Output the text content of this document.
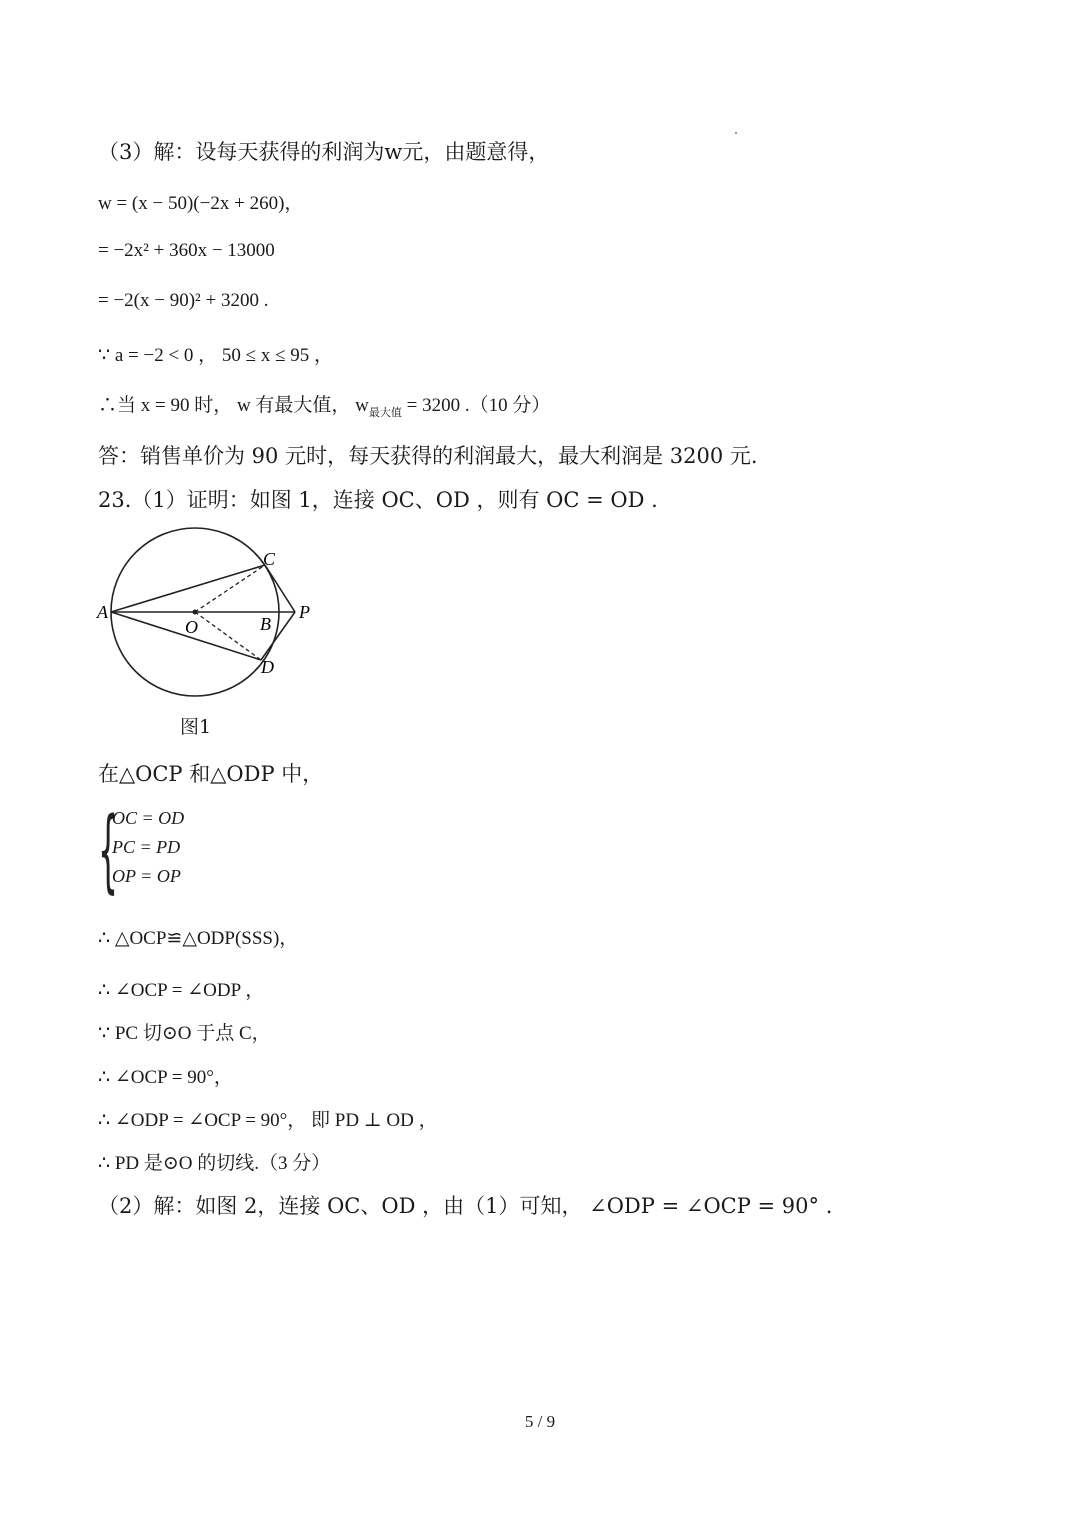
（3）解：设每天获得的利润为w元，由题意得，
w = (x − 50)(−2x + 260)，
= −2x² + 360x − 13000
= −2(x − 90)² + 3200 .
∵ a = −2 < 0 ， 50 ≤ x ≤ 95 ，
∴当 x = 90 时， w 有最大值， $w_{最大值} = 3200$ .（10 分）
答：销售单价为 90 元时，每天获得的利润最大，最大利润是 3200 元.
23.（1）证明：如图 1，连接 OC、OD ，则有 OC = OD .
A
O	B
C
D
P
图1
在△OCP 和△ODP 中，
{
OC = OD
PC = PD
OP = OP
∴ △OCP≌△ODP(SSS)，
∴ ∠OCP = ∠ODP ，
∵ PC 切⊙O 于点 C，
∴ ∠OCP = 90°，
∴ ∠ODP = ∠OCP = 90°， 即 PD ⊥ OD ，
∴ PD 是⊙O 的切线.（3 分）
（2）解：如图 2，连接 OC、OD ，由（1）可知， ∠ODP = ∠OCP = 90° .
5 / 9
